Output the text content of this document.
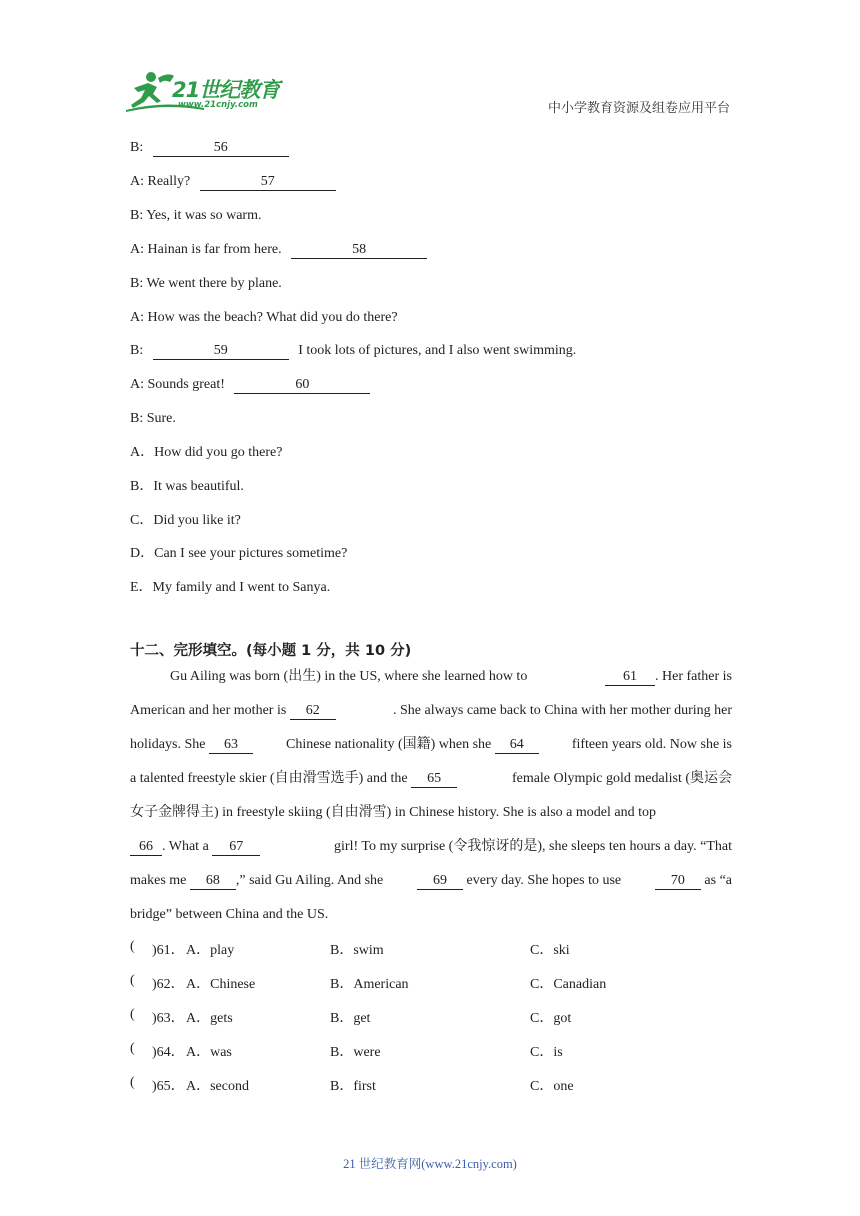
21世纪教育
www.21cnjy.com	中小学教育资源及组卷应用平台
B:	56
A: Really?	57
B: Yes, it was so warm.
A: Hainan is far from here.	58
B: We went there by plane.
A: How was the beach? What did you do there?
B:	59	I took lots of pictures, and I also went swimming.
A: Sounds great!	60
B: Sure.
A．How did you go there?
B．It was beautiful.
C．Did you like it?
D．Can I see your pictures sometime?
E．My family and I went to Sanya.
十二、完形填空。(每小题 1 分，共 10 分)
Gu Ailing was born (出生) in the US, where she learned how to	61 . Her father is
American and her mother is 62	. She always came back to China with her mother during her
holidays. She 63	Chinese nationality (国籍) when she 64	fifteen years old. Now she is
a talented freestyle skier (自由滑雪选手) and the 65	female Olympic gold medalist (奥运会
女子金牌得主) in freestyle skiing (自由滑雪) in Chinese history. She is also a model and top
66 . What a 67	girl! To my surprise (令我惊讶的是), she sleeps ten hours a day. “That
makes me 68 ,” said Gu Ailing. And she	69 every day. She hopes to use	70 as “a
bridge” between China and the US.
( )61． A．play	B．swim	C．ski
( )62． A．Chinese	B．American	C．Canadian
( )63． A．gets	B．get	C．got
( )64． A．was	B．were	C．is
( )65． A．second	B．first	C．one
21 世纪教育网(www.21cnjy.com)
